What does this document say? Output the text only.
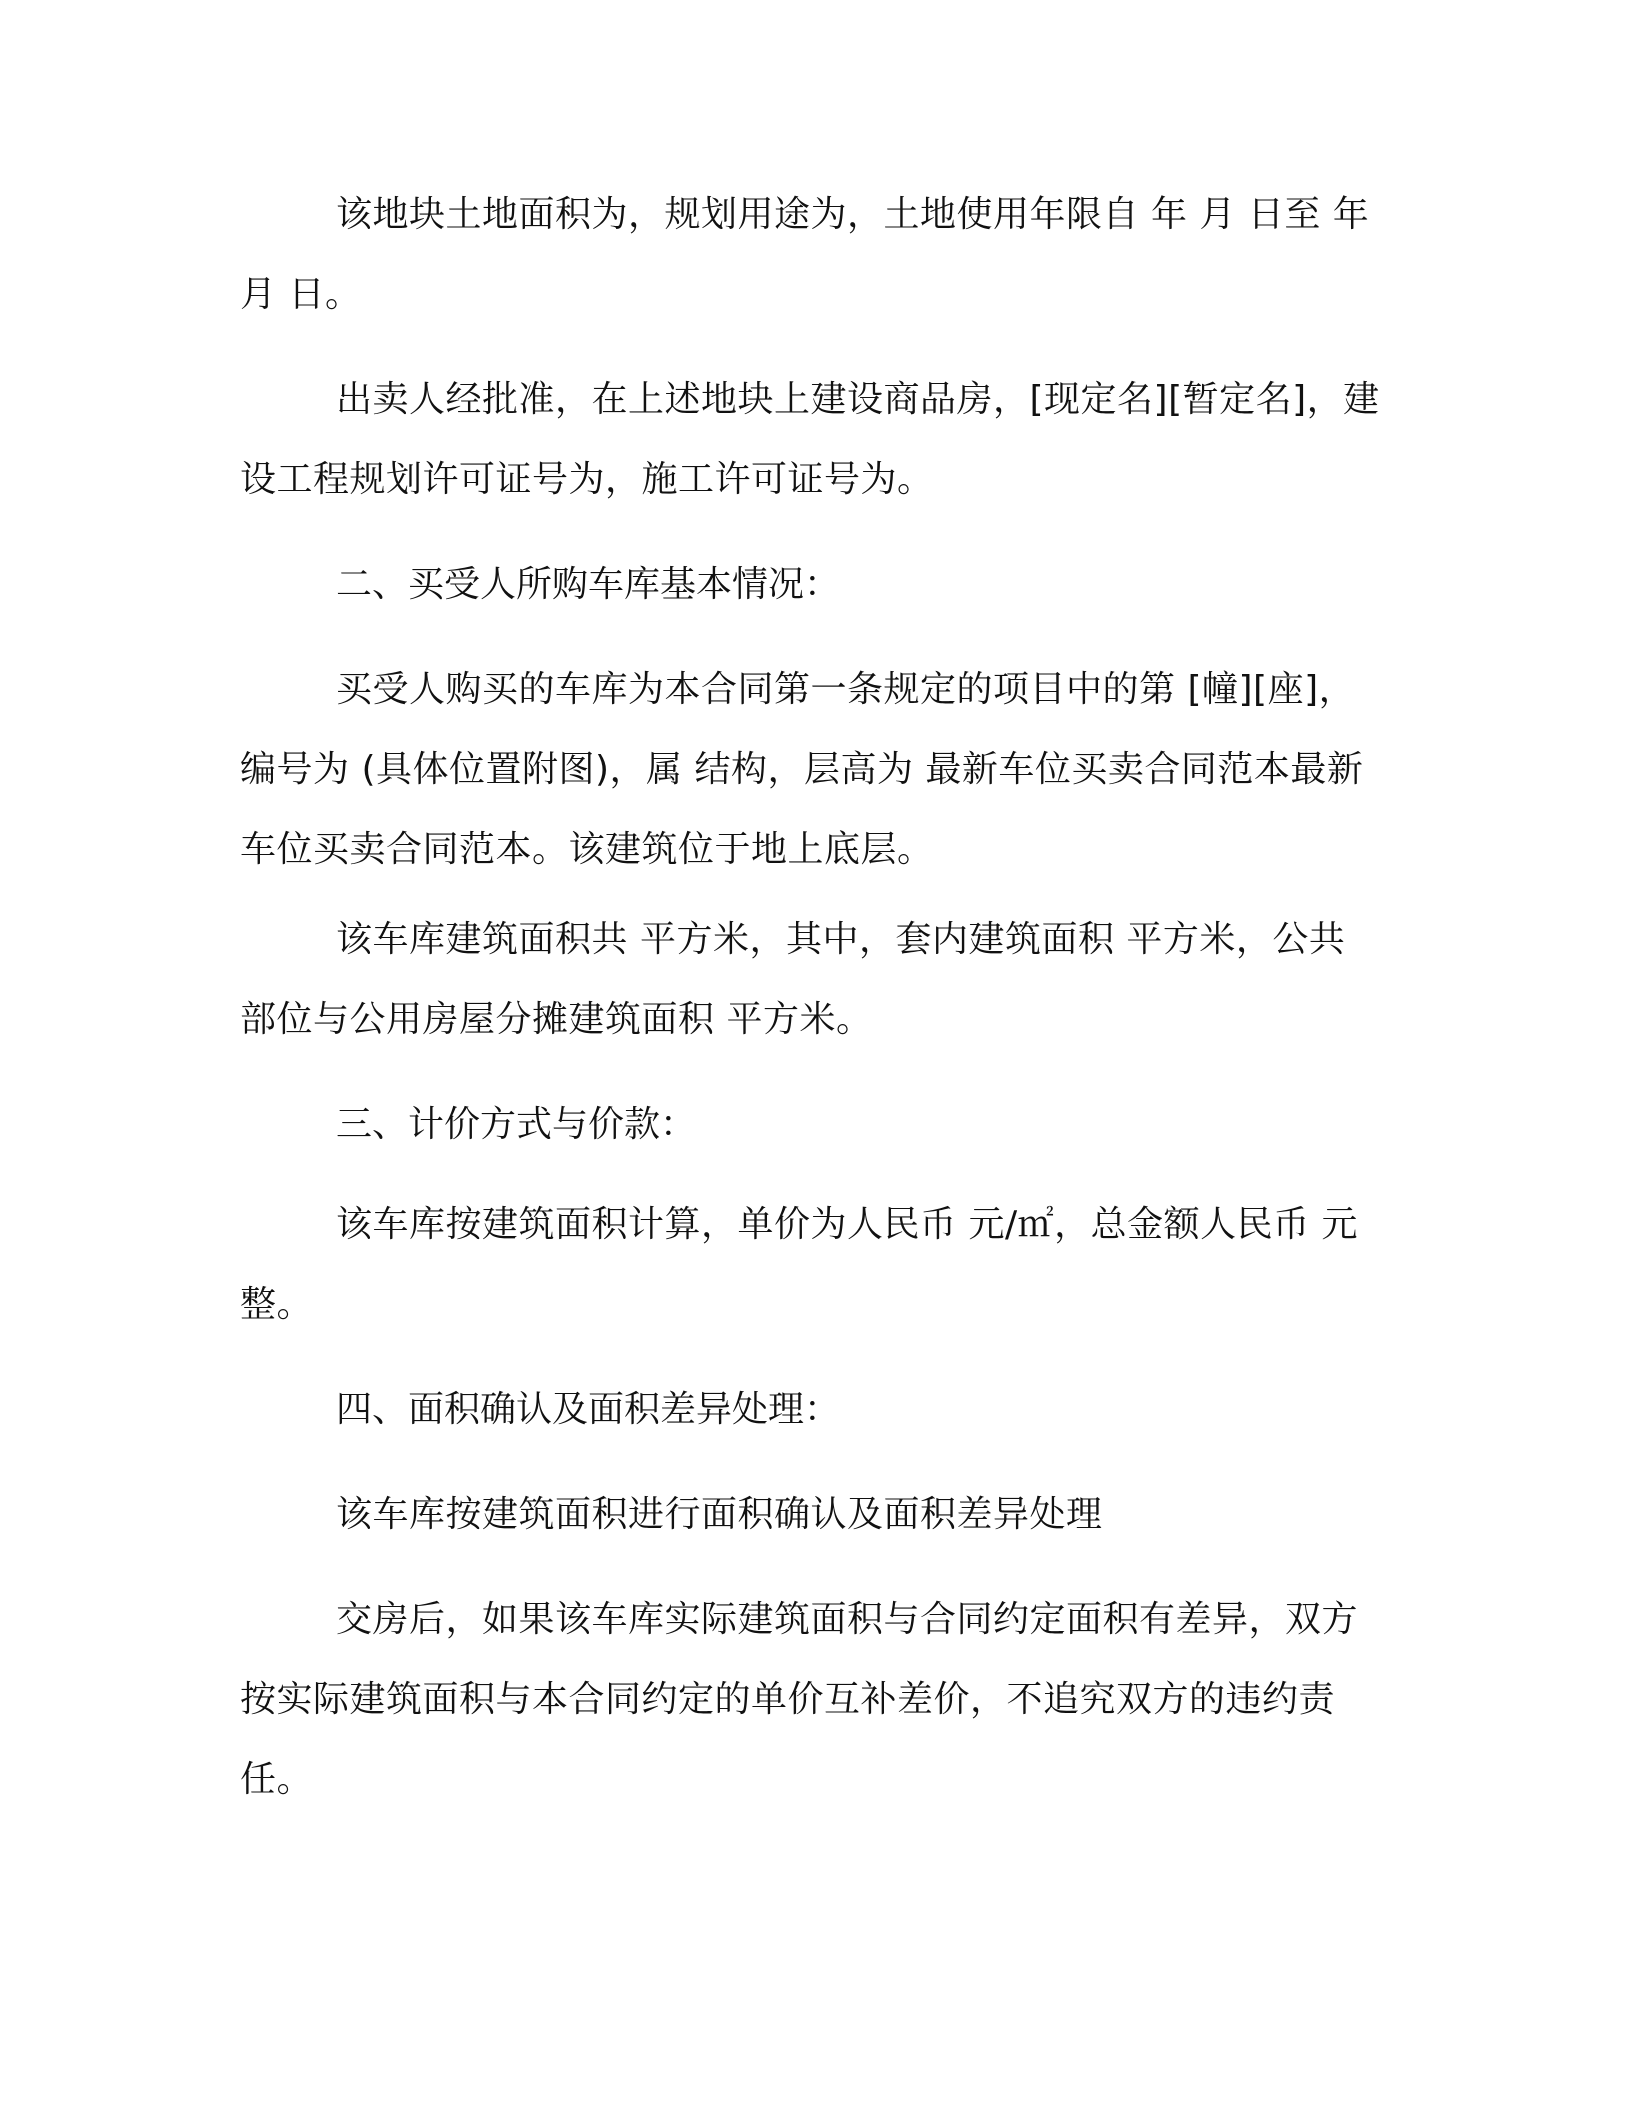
该地块土地面积为，规划用途为，土地使用年限自 年 月 日至 年 月 日。

出卖人经批准，在上述地块上建设商品房，[现定名][暂定名]，建设工程规划许可证号为，施工许可证号为。

二、买受人所购车库基本情况：

买受人购买的车库为本合同第一条规定的项目中的第 [幢][座]，编号为 (具体位置附图)，属 结构，层高为 最新车位买卖合同范本最新车位买卖合同范本。该建筑位于地上底层。

该车库建筑面积共 平方米，其中，套内建筑面积 平方米，公共部位与公用房屋分摊建筑面积 平方米。

三、计价方式与价款：

该车库按建筑面积计算，单价为人民币 元/㎡，总金额人民币 元整。

四、面积确认及面积差异处理：

该车库按建筑面积进行面积确认及面积差异处理

交房后，如果该车库实际建筑面积与合同约定面积有差异，双方按实际建筑面积与本合同约定的单价互补差价，不追究双方的违约责任。
